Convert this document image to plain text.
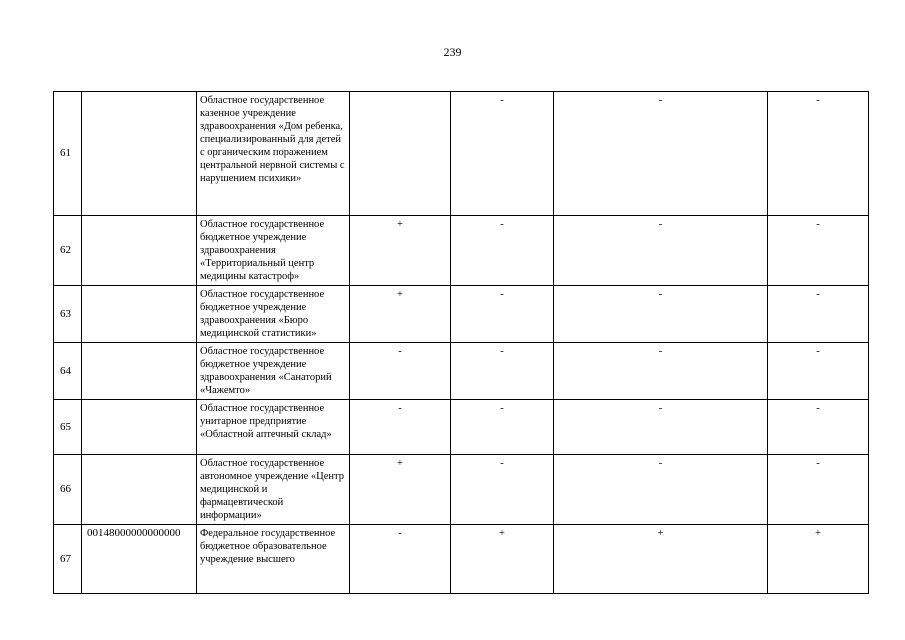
239
61		Областное государственное казенное учреждение здравоохранения «Дом ребенка, специализированный для детей с органическим поражением центральной нервной системы с нарушением психики»		-	-	-
62		Областное государственное бюджетное учреждение здравоохранения «Территориальный центр медицины катастроф»	+	-	-	-
63		Областное государственное бюджетное учреждение здравоохранения «Бюро медицинской статистики»	+	-	-	-
64		Областное государственное бюджетное учреждение здравоохранения «Санаторий «Чажемто»	-	-	-	-
65		Областное государственное унитарное предприятие «Областной аптечный склад»	-	-	-	-
66		Областное государственное автономное учреждение «Центр медицинской и фармацевтической информации»	+	-	-	-
67	00148000000000000	Федеральное государственное бюджетное образовательное учреждение высшего	-	+	+	+
